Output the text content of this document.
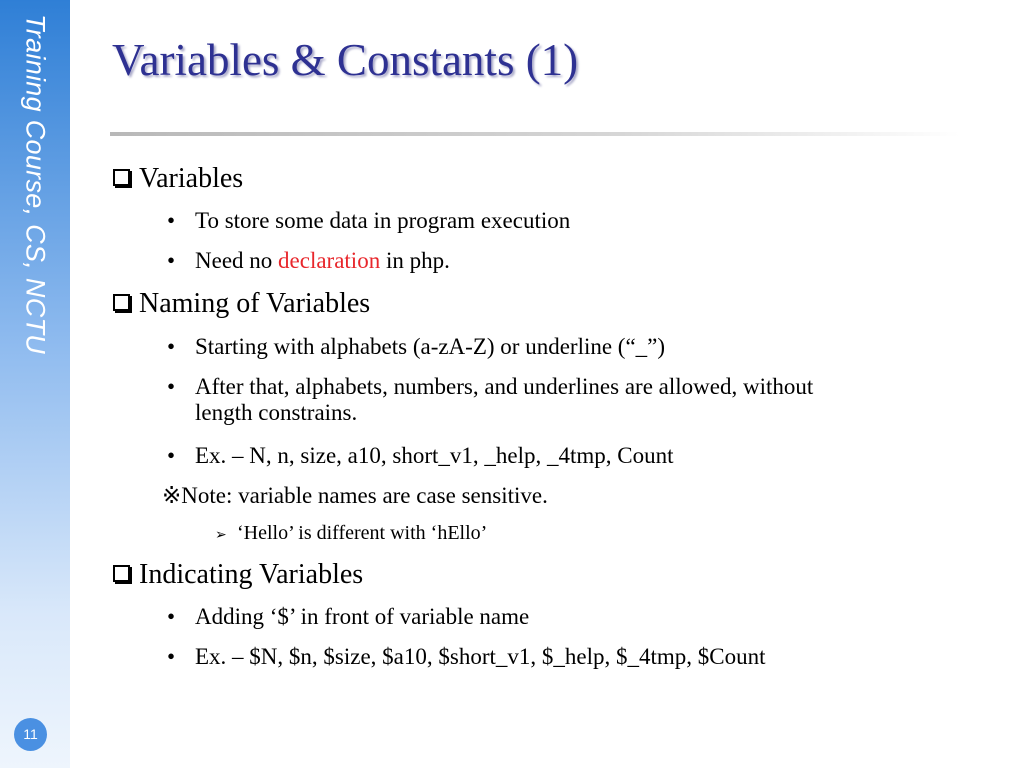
Training Course, CS, NCTU
11
Variables & Constants (1)
Variables
• To store some data in program execution
• Need no declaration in php.
Naming of Variables
• Starting with alphabets (a-zA-Z) or underline (“_”)
• After that, alphabets, numbers, and underlines are allowed, without
length constrains.
• Ex. – N, n, size, a10, short_v1, _help, _4tmp, Count
※Note: variable names are case sensitive.
➢ ‘Hello’ is different with ‘hEllo’
Indicating Variables
• Adding ‘$’ in front of variable name
• Ex. – $N, $n, $size, $a10, $short_v1, $_help, $_4tmp, $Count
